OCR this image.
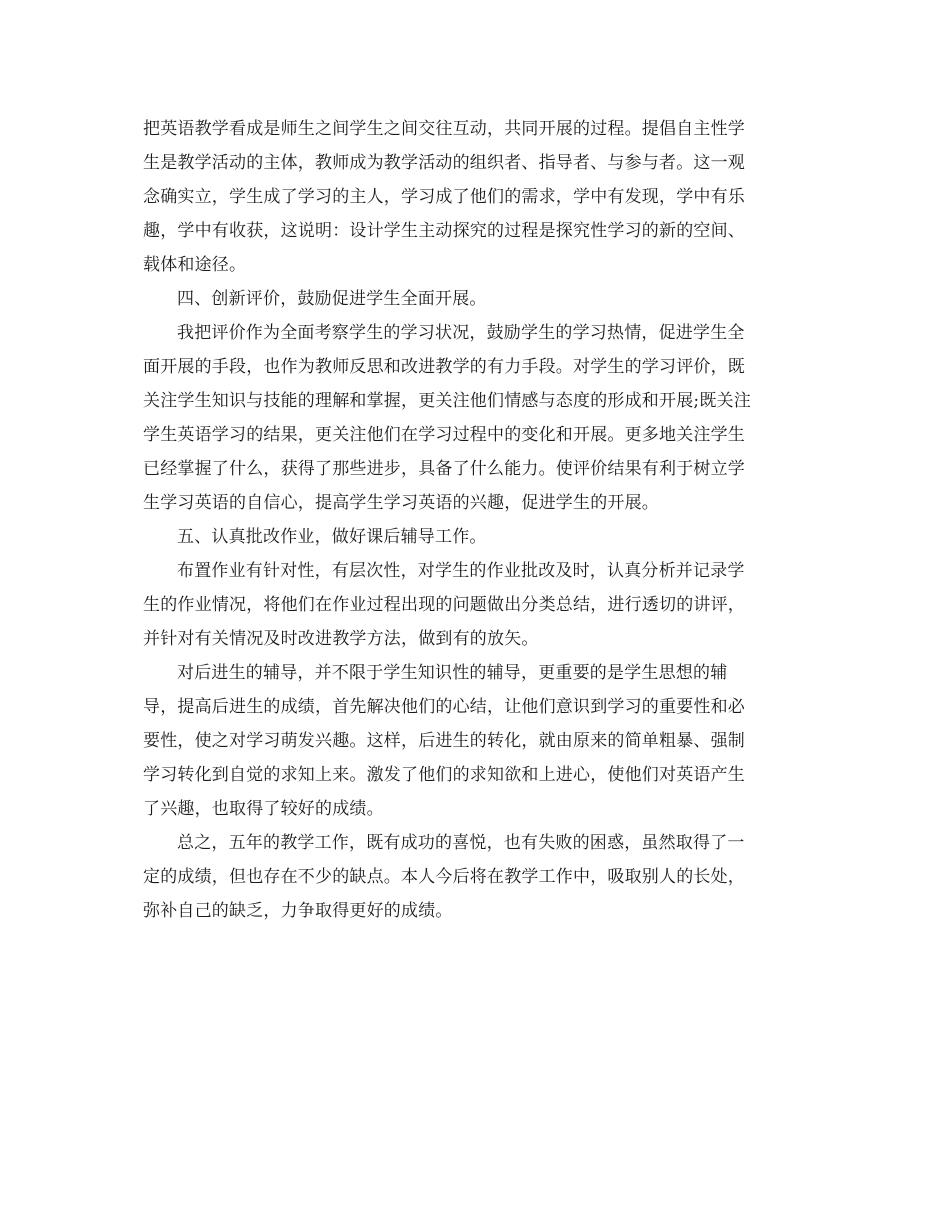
把英语教学看成是师生之间学生之间交往互动，共同开展的过程。提倡自主性学
生是教学活动的主体，教师成为教学活动的组织者、指导者、与参与者。这一观
念确实立，学生成了学习的主人，学习成了他们的需求，学中有发现，学中有乐
趣，学中有收获，这说明：设计学生主动探究的过程是探究性学习的新的空间、
载体和途径。
四、创新评价，鼓励促进学生全面开展。
我把评价作为全面考察学生的学习状况，鼓励学生的学习热情，促进学生全
面开展的手段，也作为教师反思和改进教学的有力手段。对学生的学习评价，既
关注学生知识与技能的理解和掌握，更关注他们情感与态度的形成和开展;既关注
学生英语学习的结果，更关注他们在学习过程中的变化和开展。更多地关注学生
已经掌握了什么，获得了那些进步，具备了什么能力。使评价结果有利于树立学
生学习英语的自信心，提高学生学习英语的兴趣，促进学生的开展。
五、认真批改作业，做好课后辅导工作。
布置作业有针对性，有层次性，对学生的作业批改及时，认真分析并记录学
生的作业情况，将他们在作业过程出现的问题做出分类总结，进行透切的讲评，
并针对有关情况及时改进教学方法，做到有的放矢。
对后进生的辅导，并不限于学生知识性的辅导，更重要的是学生思想的辅
导，提高后进生的成绩，首先解决他们的心结，让他们意识到学习的重要性和必
要性，使之对学习萌发兴趣。这样，后进生的转化，就由原来的简单粗暴、强制
学习转化到自觉的求知上来。激发了他们的求知欲和上进心，使他们对英语产生
了兴趣，也取得了较好的成绩。
总之，五年的教学工作，既有成功的喜悦，也有失败的困惑，虽然取得了一
定的成绩，但也存在不少的缺点。本人今后将在教学工作中，吸取别人的长处，
弥补自己的缺乏，力争取得更好的成绩。
